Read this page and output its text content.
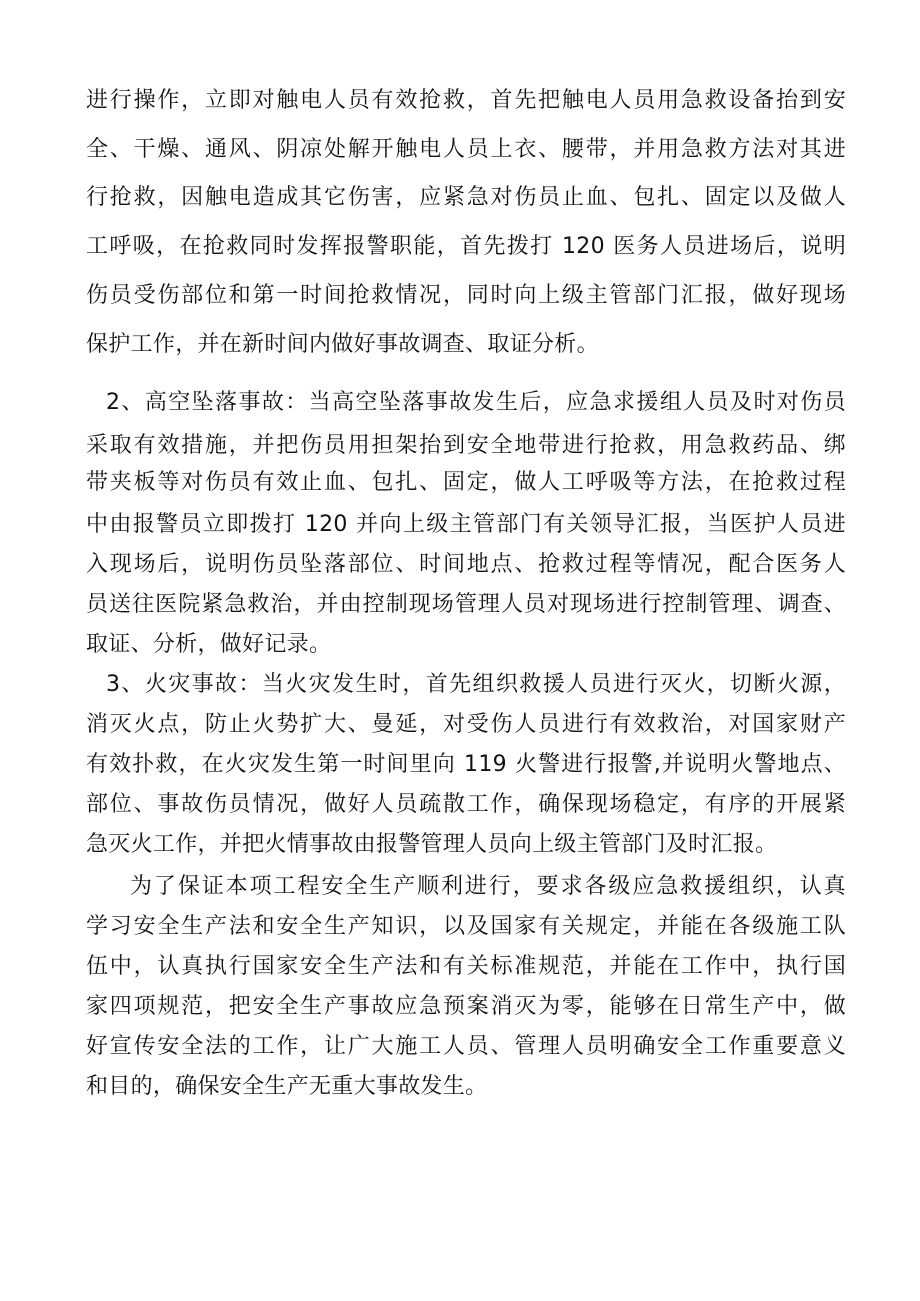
进行操作，立即对触电人员有效抢救，首先把触电人员用急救设备抬到安
全、干燥、通风、阴凉处解开触电人员上衣、腰带，并用急救方法对其进
行抢救，因触电造成其它伤害，应紧急对伤员止血、包扎、固定以及做人
工呼吸，在抢救同时发挥报警职能，首先拨打 120 医务人员进场后，说明
伤员受伤部位和第一时间抢救情况，同时向上级主管部门汇报，做好现场
保护工作，并在新时间内做好事故调查、取证分析。
2、高空坠落事故：当高空坠落事故发生后，应急求援组人员及时对伤员
采取有效措施，并把伤员用担架抬到安全地带进行抢救，用急救药品、绑
带夹板等对伤员有效止血、包扎、固定，做人工呼吸等方法，在抢救过程
中由报警员立即拨打 120 并向上级主管部门有关领导汇报，当医护人员进
入现场后，说明伤员坠落部位、时间地点、抢救过程等情况，配合医务人
员送往医院紧急救治，并由控制现场管理人员对现场进行控制管理、调查、
取证、分析，做好记录。
3、火灾事故：当火灾发生时，首先组织救援人员进行灭火，切断火源，
消灭火点，防止火势扩大、曼延，对受伤人员进行有效救治，对国家财产
有效扑救，在火灾发生第一时间里向 119 火警进行报警,并说明火警地点、
部位、事故伤员情况，做好人员疏散工作，确保现场稳定，有序的开展紧
急灭火工作，并把火情事故由报警管理人员向上级主管部门及时汇报。
为了保证本项工程安全生产顺利进行，要求各级应急救援组织，认真
学习安全生产法和安全生产知识，以及国家有关规定，并能在各级施工队
伍中，认真执行国家安全生产法和有关标准规范，并能在工作中，执行国
家四项规范，把安全生产事故应急预案消灭为零，能够在日常生产中，做
好宣传安全法的工作，让广大施工人员、管理人员明确安全工作重要意义
和目的，确保安全生产无重大事故发生。
